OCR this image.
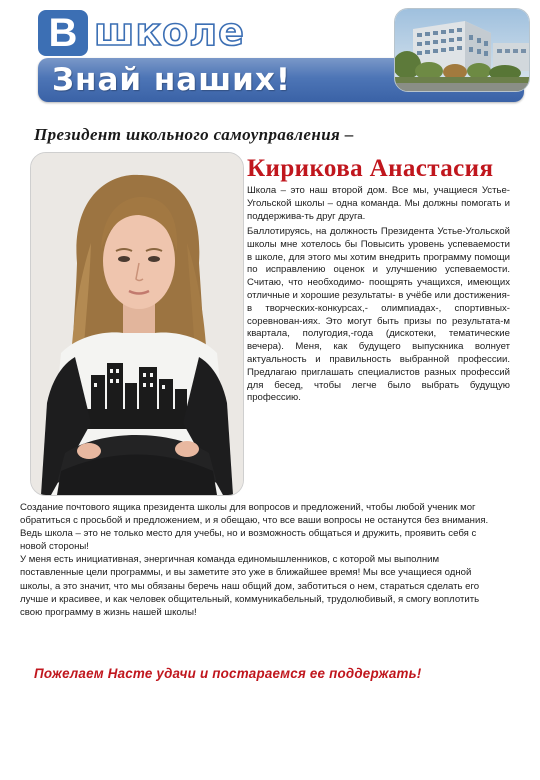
В школе
Знай наших!
Президент школьного самоуправления –
Кирикова Анастасия

Школа – это наш второй дом. Все мы, учащиеся Устье-Угольской школы – одна команда. Мы должны помогать и поддержива-ть друг друга.

Баллотируясь, на должность Президента Устье-Угольской школы мне хотелось бы Повысить уровень успеваемости в школе, для этого мы хотим внедрить программу помощи по исправлению оценок и улучшению успеваемости. Считаю, что необходимо- поощрять учащихся, имеющих отличные и хорошие результаты- в учёбе или достижения- в творческих-конкурсах,- олимпиадах-, спортивных- соревнован-иях. Это могут быть призы по результата-м квартала, полугодия,-года (дискотеки, тематические вечера). Меня, как будущего выпускника волнует актуальность и правильность выбранной профессии. Предлагаю приглашать специалистов разных профессий для бесед, чтобы легче было выбрать будущую профессию.

Создание почтового ящика президента школы для вопросов и предложений, чтобы любой ученик мог обратиться с просьбой и предложением, и я обещаю, что все ваши вопросы не останутся без внимания.

Ведь школа – это не только место для учебы, но и возможность общаться и дружить, проявить себя с новой стороны!

У меня есть инициативная, энергичная команда единомышленников, с которой мы выполним поставленные цели программы, и вы заметите это уже в ближайшее время! Мы все учащиеся одной школы, а это значит, что мы обязаны беречь наш общий дом, заботиться о нем, стараться сделать его лучше и красивее, и как человек общительный, коммуникабельный, трудолюбивый, я смогу воплотить свою программу в жизнь нашей школы!

Пожелаем Насте удачи и постараемся ее поддержать!
